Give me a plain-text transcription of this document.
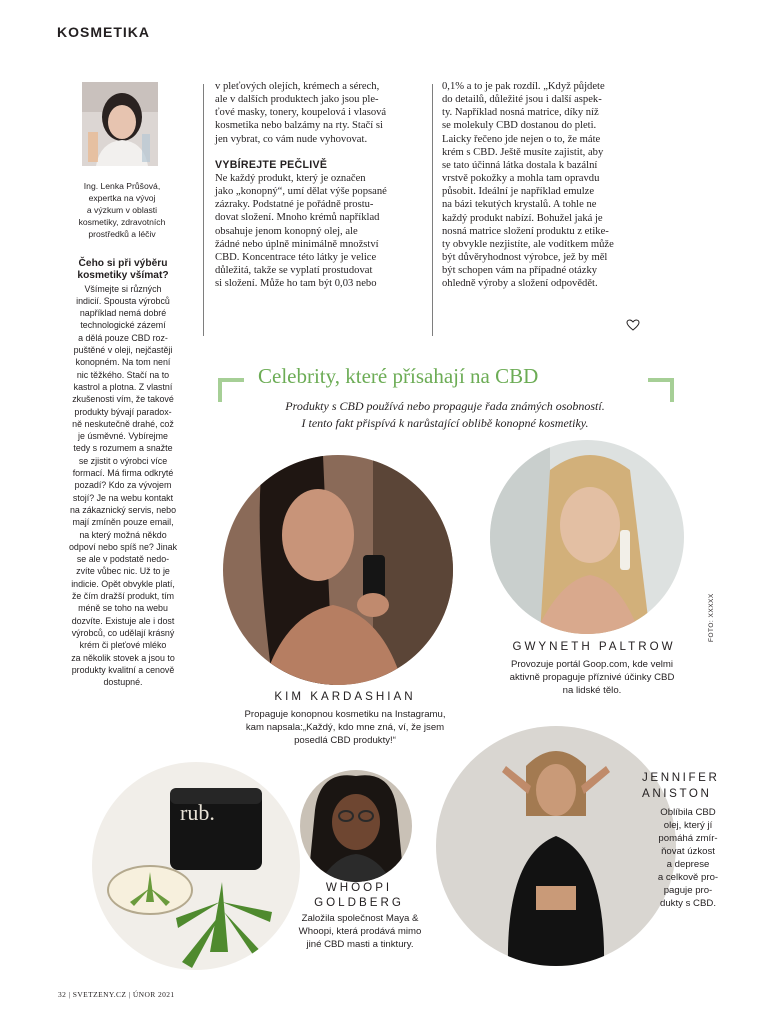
KOSMETIKA
Ing. Lenka Průšová,
expertka na vývoj
a výzkum v oblasti
kosmetiky, zdravotních
prostředků a léčiv
Čeho si při výběru
kosmetiky všímat?

Všímejte si různých
indicií. Spousta výrobců
například nemá dobré
technologické zázemí
a dělá pouze CBD roz-
puštěné v oleji, nejčastěji
konopném. Na tom není
nic těžkého. Stačí na to
kastrol a plotna. Z vlastní
zkušenosti vím, že takové
produkty bývají paradox-
ně neskutečně drahé, což
je úsměvné. Vybírejme
tedy s rozumem a snažte
se zjistit o výrobci více
formací. Má firma odkryté
pozadí? Kdo za vývojem
stojí? Je na webu kontakt
na zákaznický servis, nebo
mají zmíněn pouze email,
na který možná někdo
odpoví nebo spíš ne? Jinak
se ale v podstatě nedo-
zvíte vůbec nic. Už to je
indicie. Opět obvykle platí,
že čím dražší produkt, tím
méně se toho na webu
dozvíte. Existuje ale i dost
výrobců, co udělají krásný
krém či pleťové mléko
za několik stovek a jsou to
produkty kvalitní a cenově
dostupné.

v pleťových olejích, krémech a sérech,
ale v dalších produktech jako jsou ple-
ťové masky, tonery, koupelová i vlasová
kosmetika nebo balzámy na rty. Stačí si
jen vybrat, co vám nude vyhovovat.

VYBÍREJTE PEČLIVĚ

Ne každý produkt, který je označen
jako „konopný“, umí dělat výše popsané
zázraky. Podstatné je pořádně prostu-
dovat složení. Mnoho krémů například
obsahuje jenom konopný olej, ale
žádné nebo úplně minimálně množství
CBD. Koncentrace této látky je velice
důležitá, takže se vyplatí prostudovat
si složení. Může ho tam být 0,03 nebo

0,1% a to je pak rozdíl. „Když půjdete
do detailů, důležité jsou i další aspek-
ty. Například nosná matrice, díky níž
se molekuly CBD dostanou do pleti.
Laicky řečeno jde nejen o to, že máte
krém s CBD. Ještě musíte zajistit, aby
se tato účinná látka dostala k bazální
vrstvě pokožky a mohla tam opravdu
působit. Ideální je například emulze
na bázi tekutých krystalů. A tohle ne
každý produkt nabízí. Bohužel jaká je
nosná matrice složení produktu z etike-
ty obvykle nezjistíte, ale vodítkem může
být důvěryhodnost výrobce, jež by měl
být schopen vám na případné otázky
ohledně výroby a složení odpovědět.

Celebrity, které přísahají na CBD
Produkty s CBD používá nebo propaguje řada známých osobností.
I tento fakt přispívá k narůstající oblibě konopné kosmetiky.
KIM KARDASHIAN
Propaguje konopnou kosmetiku na Instagramu,
kam napsala:„Každý, kdo mne zná, ví, že jsem
posedlá CBD produkty!“
GWYNETH PALTROW
Provozuje portál Goop.com, kde velmi
aktivně propaguje příznivé účinky CBD
na lidské tělo.
FOTO: XXXXX
rub.
WHOOPI
GOLDBERG
Založila společnost Maya &
Whoopi, která prodává mimo
jiné CBD masti a tinktury.
JENNIFER
ANISTON
Oblíbila CBD
olej, který jí
pomáhá zmír-
ňovat úzkost
a deprese
a celkově pro-
paguje pro-
dukty s CBD.
32 | SVETZENY.CZ | ÚNOR 2021
